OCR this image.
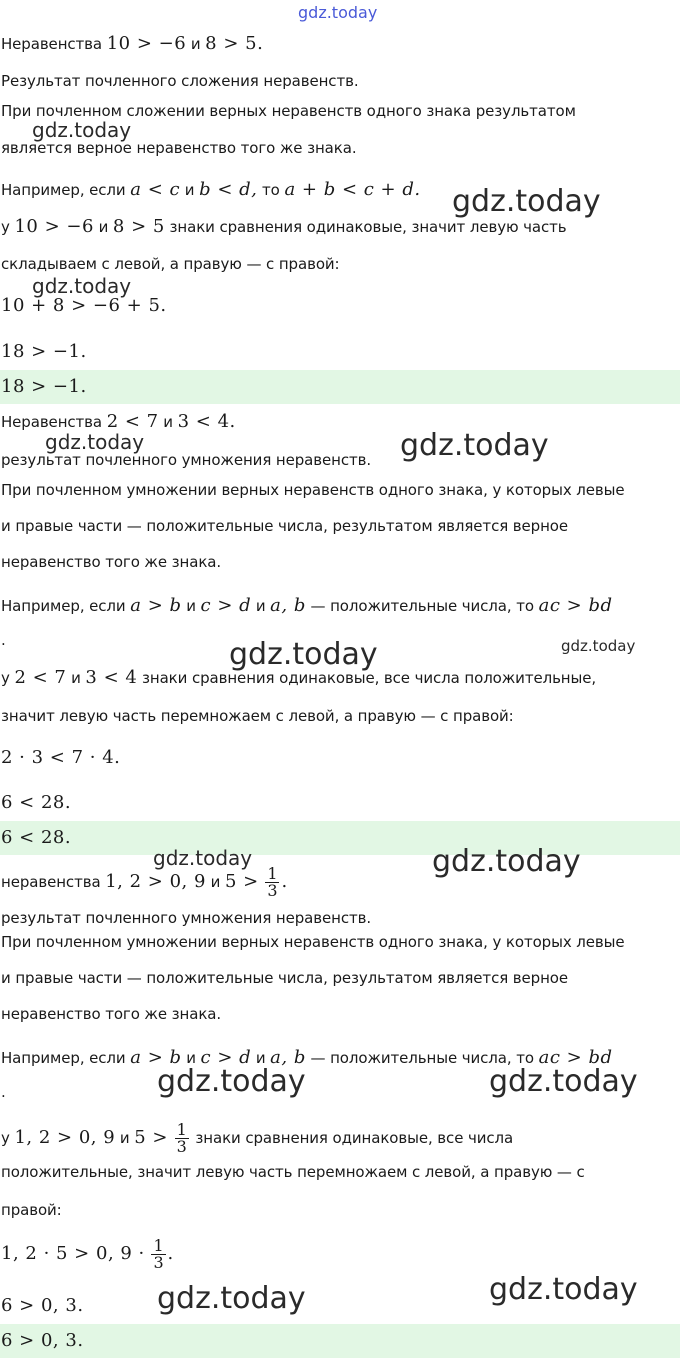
Неравенства 10 > −6 и 8 > 5.
Результат почленного сложения неравенств.
При почленном сложении верных неравенств одного знака результатом
является верное неравенство того же знака.
Например, если a < c и b < d, то a + b < c + d.
у 10 > −6 и 8 > 5 знаки сравнения одинаковые, значит левую часть
складываем с левой, а правую — с правой:
10 + 8 > −6 + 5.
18 > −1.
18 > −1.
Неравенства 2 < 7 и 3 < 4.
результат почленного умножения неравенств.
При почленном умножении верных неравенств одного знака, у которых левые
и правые части — положительные числа, результатом является верное
неравенство того же знака.
Например, если a > b и c > d и a, b — положительные числа, то ac > bd
.
у 2 < 7 и 3 < 4 знаки сравнения одинаковые, все числа положительные,
значит левую часть перемножаем с левой, а правую — с правой:
2 · 3 < 7 · 4.
6 < 28.
6 < 28.
неравенства 1, 2 > 0, 9 и $5 > \frac{1}{3}$ .
результат почленного умножения неравенств.
При почленном умножении верных неравенств одного знака, у которых левые
и правые части — положительные числа, результатом является верное
неравенство того же знака.
Например, если a > b и c > d и a, b — положительные числа, то ac > bd
.
у 1, 2 > 0, 9 и $5 > \frac{1}{3}$ знаки сравнения одинаковые, все числа
положительные, значит левую часть перемножаем с левой, а правую — с
правой:
1, 2 · 5 > 0, $9 \cdot \frac{1}{3}$ .
6 > 0, 3.
6 > 0, 3.
gdz.today
gdz.today
gdz.today
gdz.today
gdz.today	gdz.today
gdz.today	gdz.today
gdz.today	gdz.today
gdz.today	gdz.today
gdz.today
gdz.today
